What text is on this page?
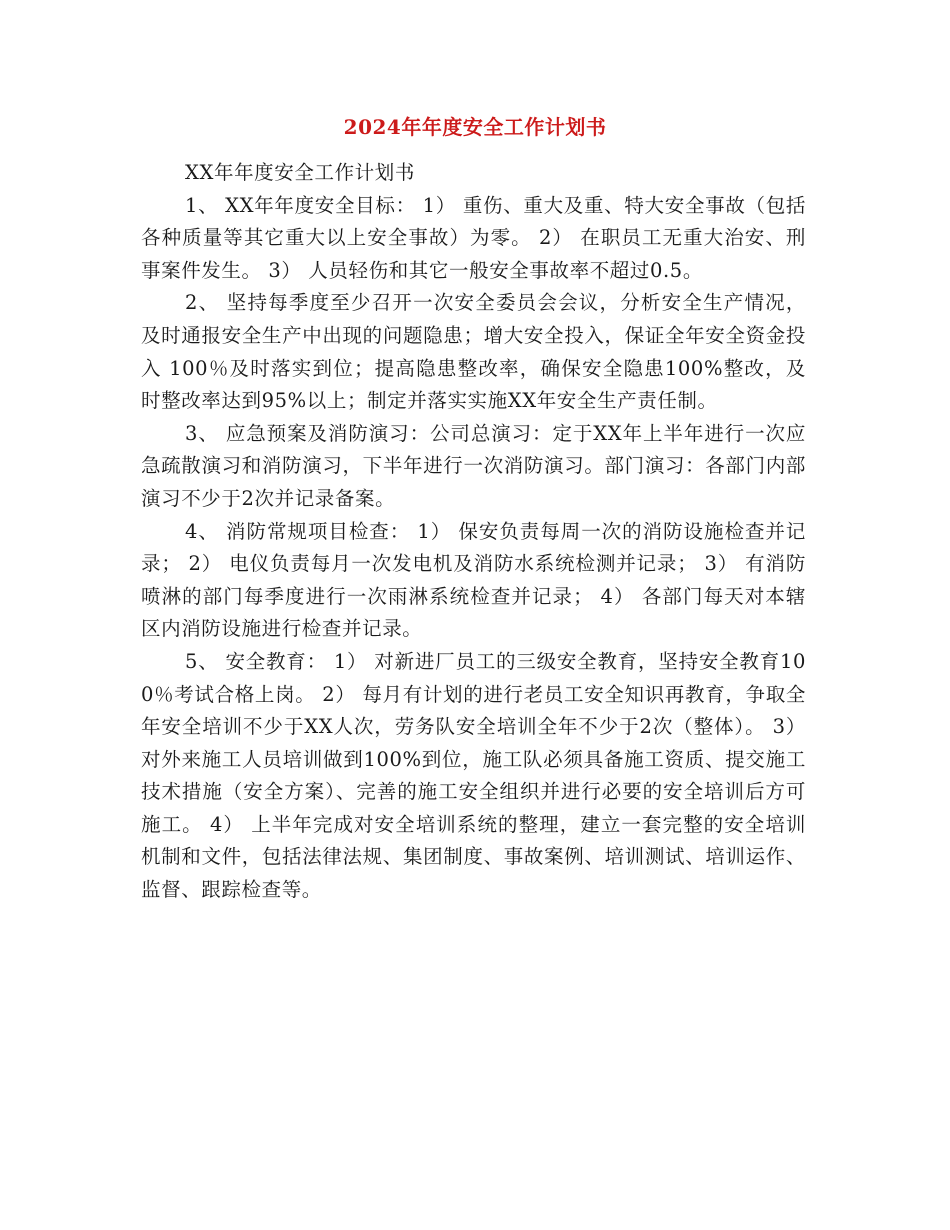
2024年年度安全工作计划书

XX年年度安全工作计划书

1、 XX年年度安全目标： 1） 重伤、重大及重、特大安全事故（包括各种质量等其它重大以上安全事故）为零。 2） 在职员工无重大治安、刑事案件发生。 3） 人员轻伤和其它一般安全事故率不超过0.5。

2、 坚持每季度至少召开一次安全委员会会议，分析安全生产情况，及时通报安全生产中出现的问题隐患；增大安全投入，保证全年安全资金投入 100％及时落实到位；提高隐患整改率，确保安全隐患100%整改，及时整改率达到95%以上；制定并落实实施XX年安全生产责任制。

3、 应急预案及消防演习：公司总演习：定于XX年上半年进行一次应急疏散演习和消防演习，下半年进行一次消防演习。部门演习：各部门内部演习不少于2次并记录备案。

4、 消防常规项目检查： 1） 保安负责每周一次的消防设施检查并记录； 2） 电仪负责每月一次发电机及消防水系统检测并记录； 3） 有消防喷淋的部门每季度进行一次雨淋系统检查并记录； 4） 各部门每天对本辖区内消防设施进行检查并记录。

5、 安全教育： 1） 对新进厂员工的三级安全教育，坚持安全教育100％考试合格上岗。 2） 每月有计划的进行老员工安全知识再教育，争取全年安全培训不少于XX人次，劳务队安全培训全年不少于2次（整体）。 3） 对外来施工人员培训做到100%到位，施工队必须具备施工资质、提交施工技术措施（安全方案）、完善的施工安全组织并进行必要的安全培训后方可施工。 4） 上半年完成对安全培训系统的整理，建立一套完整的安全培训机制和文件，包括法律法规、集团制度、事故案例、培训测试、培训运作、监督、跟踪检查等。
